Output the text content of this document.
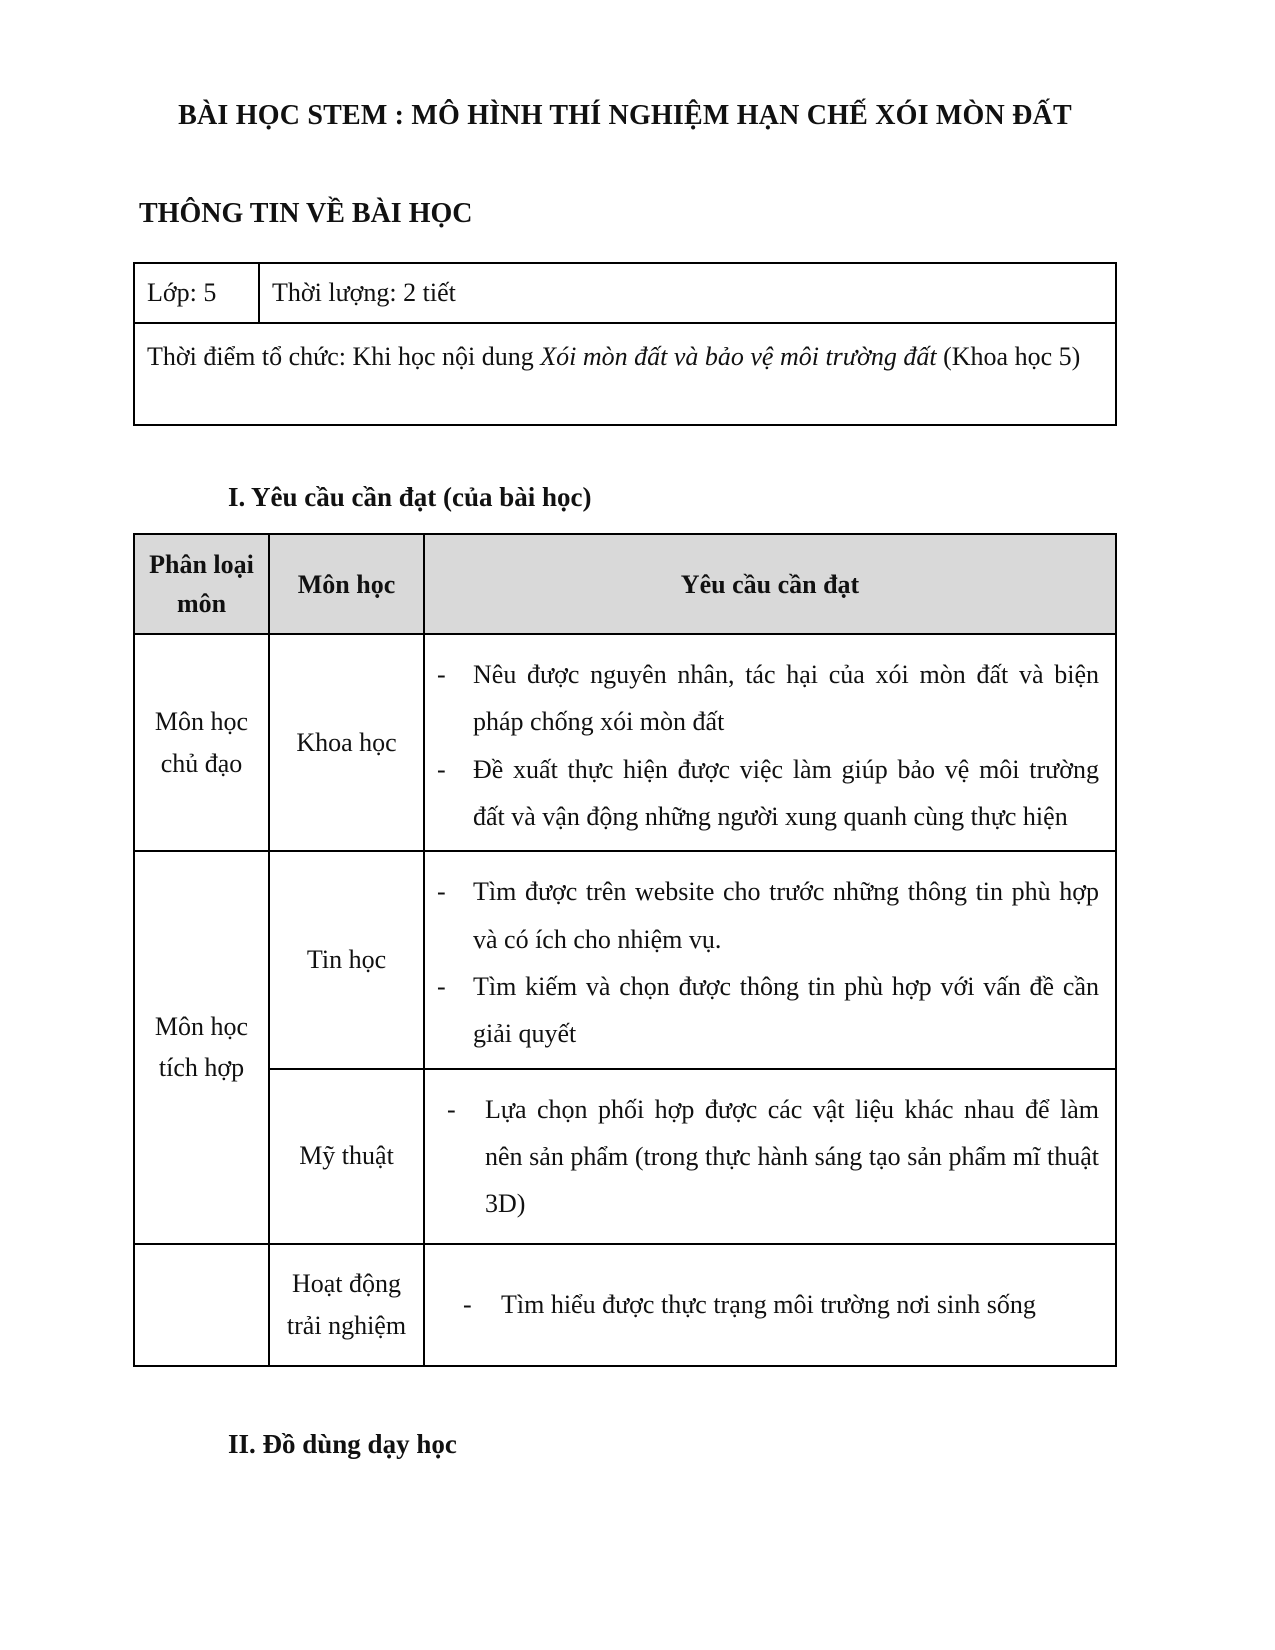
BÀI HỌC STEM : MÔ HÌNH THÍ NGHIỆM HẠN CHẾ XÓI MÒN ĐẤT
THÔNG TIN VỀ BÀI HỌC
Lớp: 5	Thời lượng: 2 tiết
Thời điểm tổ chức: Khi học nội dung Xói mòn đất và bảo vệ môi trường đất (Khoa học 5)
I. Yêu cầu cần đạt (của bài học)
Phân loại môn	Môn học	Yêu cầu cần đạt
Môn học chủ đạo	Khoa học	- Nêu được nguyên nhân, tác hại của xói mòn đất và biện pháp chống xói mòn đất
- Đề xuất thực hiện được việc làm giúp bảo vệ môi trường đất và vận động những người xung quanh cùng thực hiện

Môn học tích hợp	Tin học	- Tìm được trên website cho trước những thông tin phù hợp và có ích cho nhiệm vụ.
- Tìm kiếm và chọn được thông tin phù hợp với vấn đề cần giải quyết

	Mỹ thuật	- Lựa chọn phối hợp được các vật liệu khác nhau để làm nên sản phẩm (trong thực hành sáng tạo sản phẩm mĩ thuật 3D)

	Hoạt động trải nghiệm	- Tìm hiểu được thực trạng môi trường nơi sinh sống
II. Đồ dùng dạy học
